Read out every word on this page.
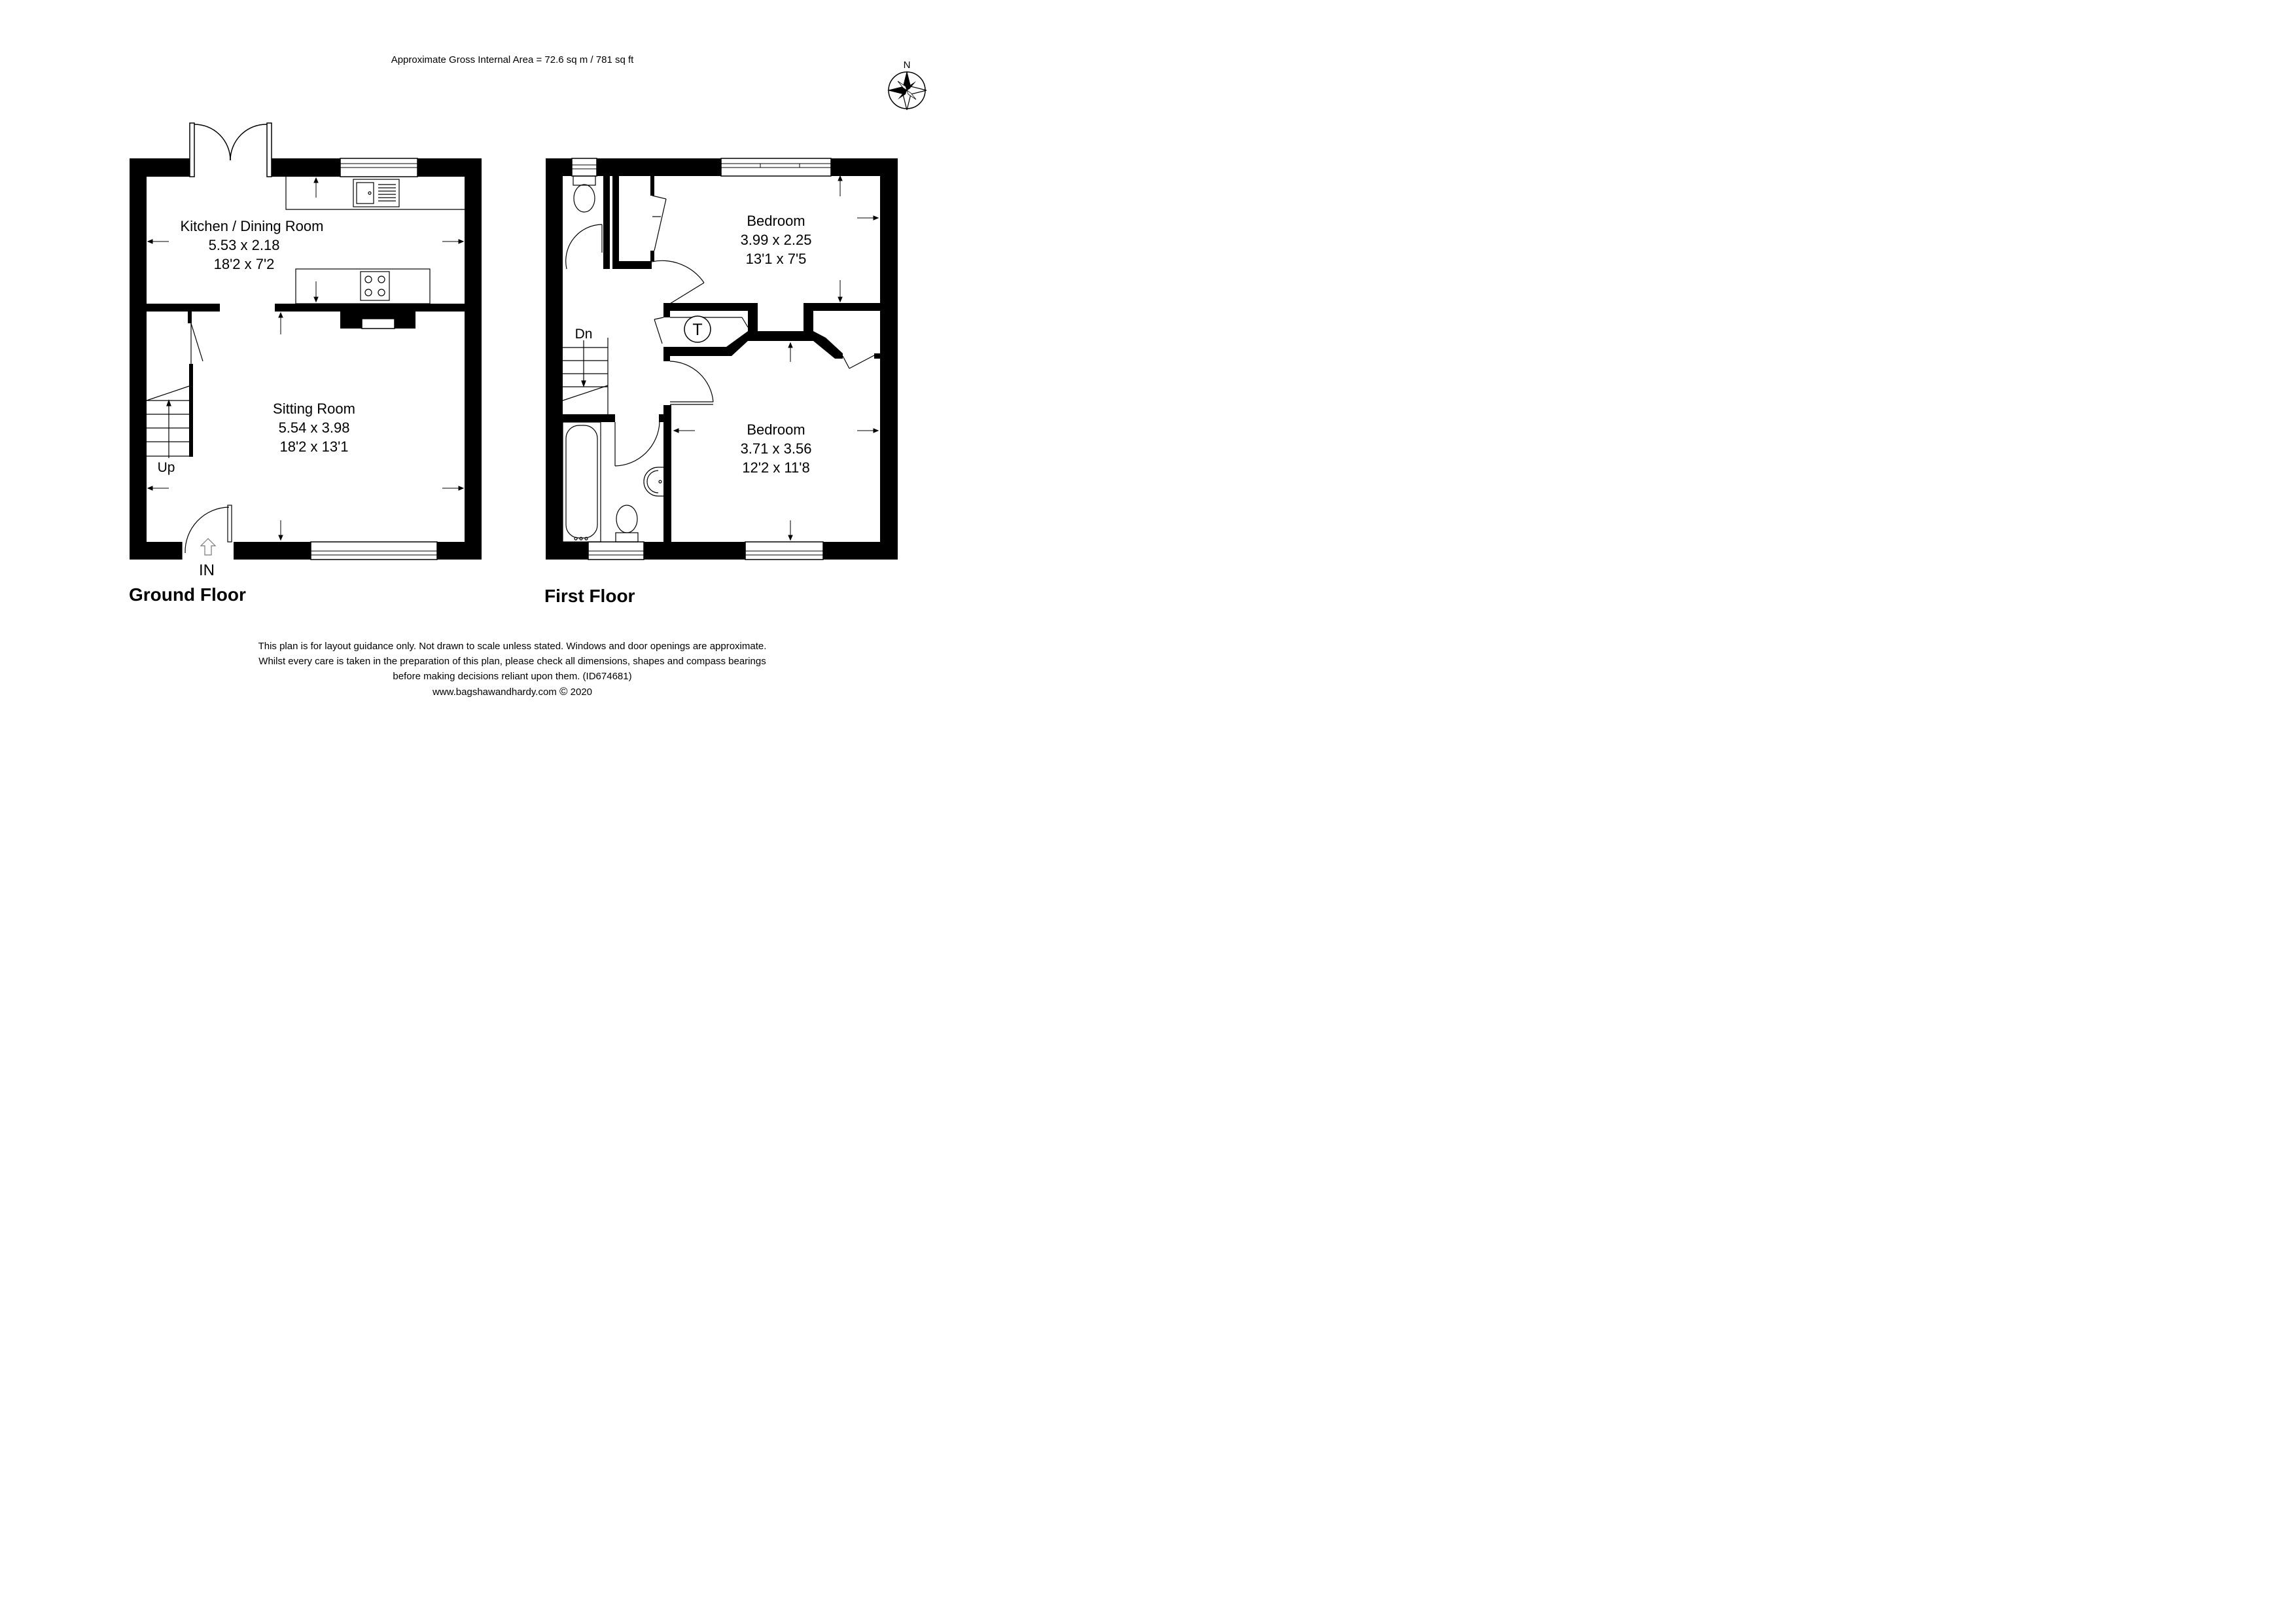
Approximate Gross Internal Area = 72.6 sq m / 781 sq ft	N
Up
IN
Kitchen / Dining Room
5.53 x 2.18
18'2 x 7'2
Sitting Room
5.54 x 3.98
18'2 x 13'1
Ground Floor
T
Dn
Bedroom
3.99 x 2.25
13'1 x 7'5
Bedroom
3.71 x 3.56
12'2 x 11'8
First Floor
This plan is for layout guidance only. Not drawn to scale unless stated. Windows and door openings are approximate.
Whilst every care is taken in the preparation of this plan, please check all dimensions, shapes and compass bearings
before making decisions reliant upon them. (ID674681)
www.bagshawandhardy.com © 2020
